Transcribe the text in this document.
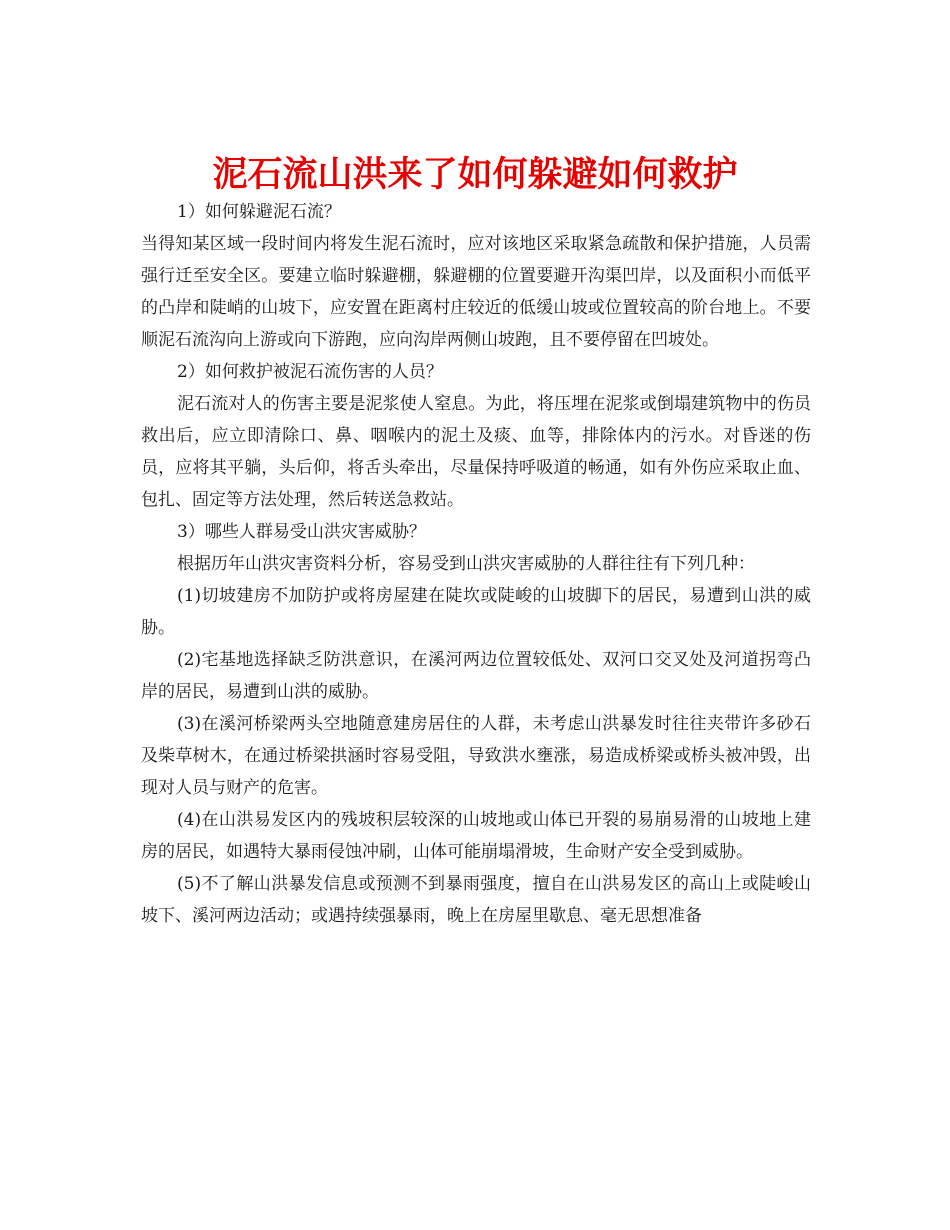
泥石流山洪来了如何躲避如何救护

1）如何躲避泥石流？

当得知某区域一段时间内将发生泥石流时，应对该地区采取紧急疏散和保护措施，人员需强行迁至安全区。要建立临时躲避棚，躲避棚的位置要避开沟渠凹岸，以及面积小而低平的凸岸和陡峭的山坡下，应安置在距离村庄较近的低缓山坡或位置较高的阶台地上。不要顺泥石流沟向上游或向下游跑，应向沟岸两侧山坡跑，且不要停留在凹坡处。

2）如何救护被泥石流伤害的人员？

泥石流对人的伤害主要是泥浆使人窒息。为此，将压埋在泥浆或倒塌建筑物中的伤员救出后，应立即清除口、鼻、咽喉内的泥土及痰、血等，排除体内的污水。对昏迷的伤员，应将其平躺，头后仰，将舌头牵出，尽量保持呼吸道的畅通，如有外伤应采取止血、包扎、固定等方法处理，然后转送急救站。

3）哪些人群易受山洪灾害威胁？

根据历年山洪灾害资料分析，容易受到山洪灾害威胁的人群往往有下列几种：

(1)切坡建房不加防护或将房屋建在陡坎或陡峻的山坡脚下的居民，易遭到山洪的威胁。

(2)宅基地选择缺乏防洪意识，在溪河两边位置较低处、双河口交叉处及河道拐弯凸岸的居民，易遭到山洪的威胁。

(3)在溪河桥梁两头空地随意建房居住的人群，未考虑山洪暴发时往往夹带许多砂石及柴草树木，在通过桥梁拱涵时容易受阻，导致洪水壅涨，易造成桥梁或桥头被冲毁，出现对人员与财产的危害。

(4)在山洪易发区内的残坡积层较深的山坡地或山体已开裂的易崩易滑的山坡地上建房的居民，如遇特大暴雨侵蚀冲刷，山体可能崩塌滑坡，生命财产安全受到威胁。

(5)不了解山洪暴发信息或预测不到暴雨强度，擅自在山洪易发区的高山上或陡峻山坡下、溪河两边活动；或遇持续强暴雨，晚上在房屋里歇息、毫无思想准备
